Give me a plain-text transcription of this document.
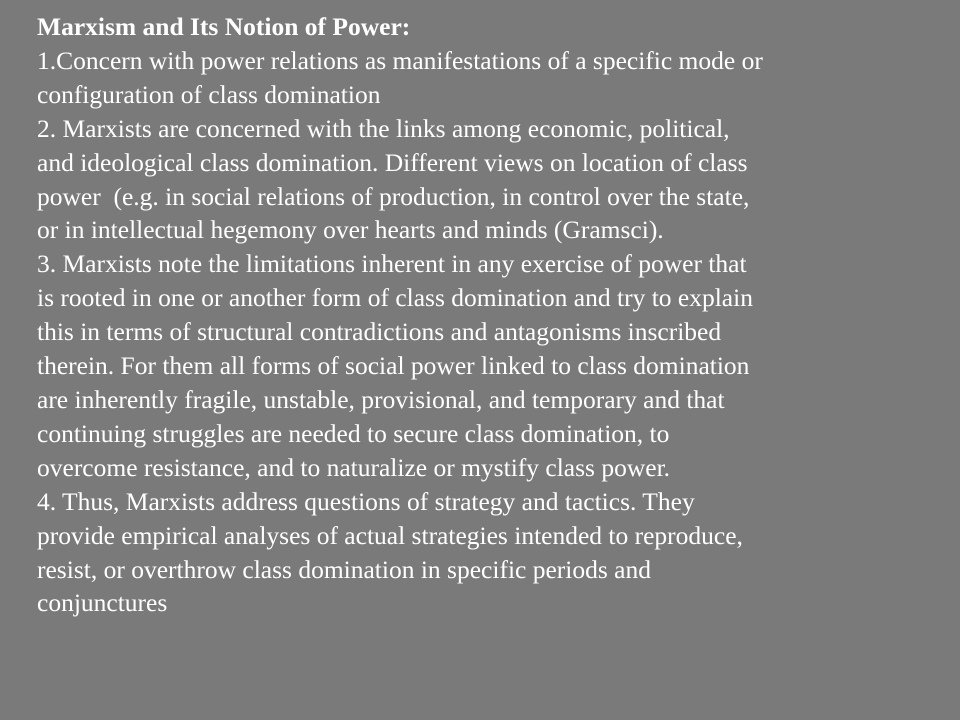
Marxism and Its Notion of Power:
1.Concern with power relations as manifestations of a specific mode or
configuration of class domination
2. Marxists are concerned with the links among economic, political,
and ideological class domination. Different views on location of class
power  (e.g. in social relations of production, in control over the state,
or in intellectual hegemony over hearts and minds (Gramsci).
3. Marxists note the limitations inherent in any exercise of power that
is rooted in one or another form of class domination and try to explain
this in terms of structural contradictions and antagonisms inscribed
therein. For them all forms of social power linked to class domination
are inherently fragile, unstable, provisional, and temporary and that
continuing struggles are needed to secure class domination, to
overcome resistance, and to naturalize or mystify class power.
4. Thus, Marxists address questions of strategy and tactics. They
provide empirical analyses of actual strategies intended to reproduce,
resist, or overthrow class domination in specific periods and
conjunctures
